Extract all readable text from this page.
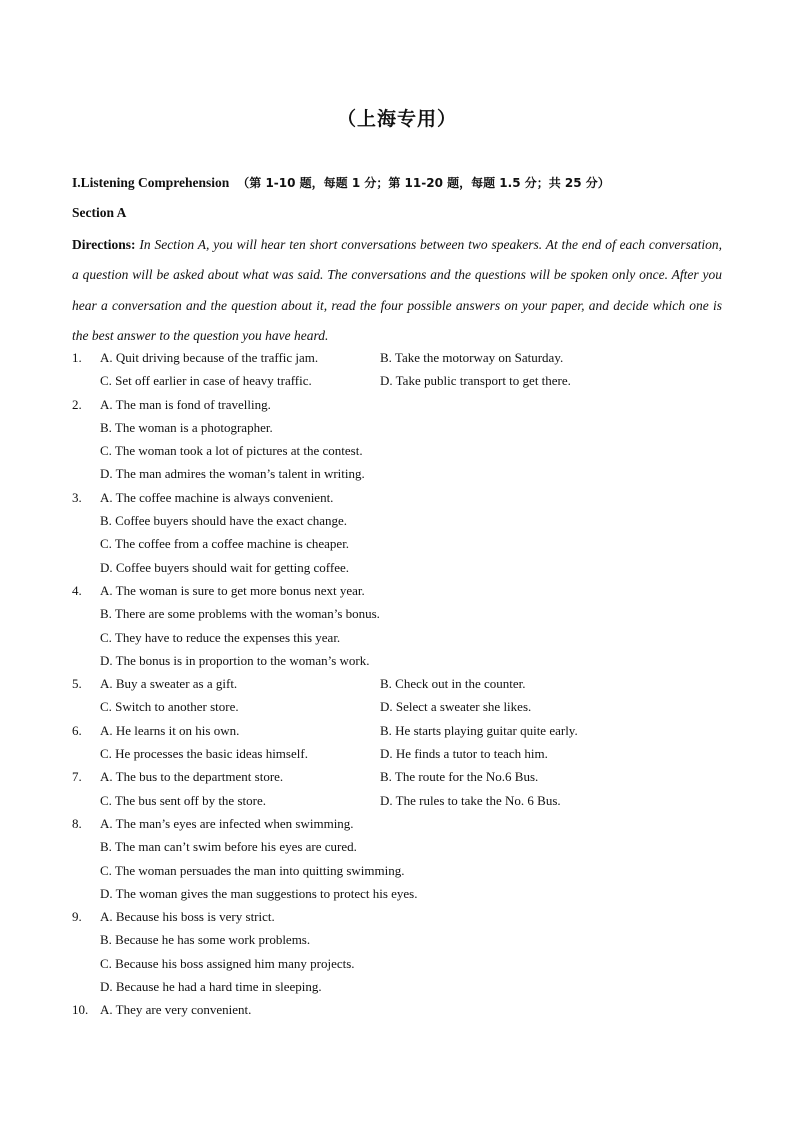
（上海专用）
I.Listening Comprehension （第 1-10 题，每题 1 分；第 11-20 题，每题 1.5 分；共 25 分）
Section A
Directions: In Section A, you will hear ten short conversations between two speakers. At the end of each conversation, a question will be asked about what was said. The conversations and the questions will be spoken only once. After you hear a conversation and the question about it, read the four possible answers on your paper, and decide which one is the best answer to the question you have heard.
1.	A. Quit driving because of the traffic jam.	B. Take the motorway on Saturday.
C. Set off earlier in case of heavy traffic.	D. Take public transport to get there.
2.	A. The man is fond of travelling.
B. The woman is a photographer.
C. The woman took a lot of pictures at the contest.
D. The man admires the woman’s talent in writing.
3.	A. The coffee machine is always convenient.
B. Coffee buyers should have the exact change.
C. The coffee from a coffee machine is cheaper.
D. Coffee buyers should wait for getting coffee.
4.	A. The woman is sure to get more bonus next year.
B. There are some problems with the woman’s bonus.
C. They have to reduce the expenses this year.
D. The bonus is in proportion to the woman’s work.
5.	A. Buy a sweater as a gift.	B. Check out in the counter.
C. Switch to another store.	D. Select a sweater she likes.
6.	A. He learns it on his own.	B. He starts playing guitar quite early.
C. He processes the basic ideas himself.	D. He finds a tutor to teach him.
7.	A. The bus to the department store.	B. The route for the No.6 Bus.
C. The bus sent off by the store.	D. The rules to take the No. 6 Bus.
8.	A. The man’s eyes are infected when swimming.
B. The man can’t swim before his eyes are cured.
C. The woman persuades the man into quitting swimming.
D. The woman gives the man suggestions to protect his eyes.
9.	A. Because his boss is very strict.
B. Because he has some work problems.
C. Because his boss assigned him many projects.
D. Because he had a hard time in sleeping.
10. A. They are very convenient.
